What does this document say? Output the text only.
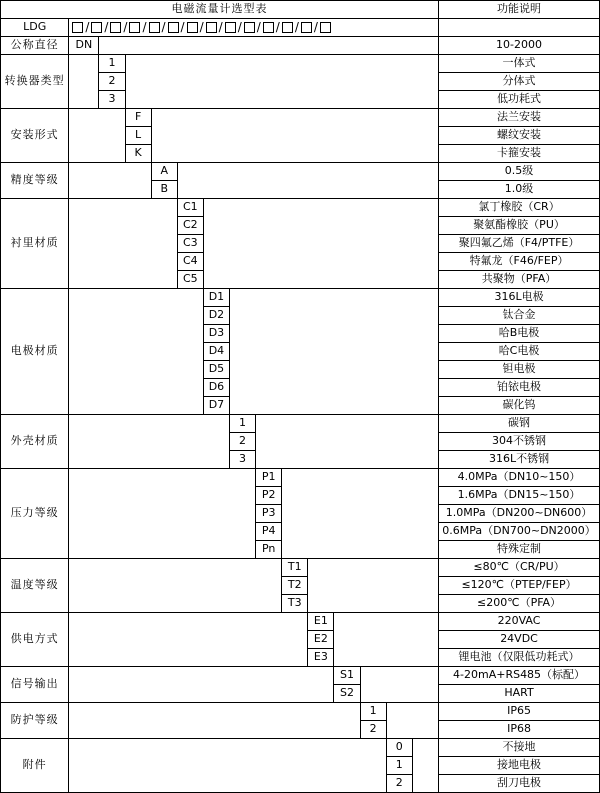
电磁流量计选型表															功能说明
LDG	/ / / / / / / / / / / / /

公称直径	DN														10-2000
转换器类型		1													一体式
		2													分体式
		3													低功耗式
安装形式			F												法兰安装
			L												螺纹安装
			K												卡箍安装
精度等级				A											0.5级
				B											1.0级
衬里材质					C1										氯丁橡胶（CR）
					C2										聚氨酯橡胶（PU）
					C3										聚四氟乙烯（F4/PTFE）
					C4										特氟龙（F46/FEP）
					C5										共聚物（PFA）
电极材质						D1									316L电极
						D2									钛合金
						D3									哈B电极
						D4									哈C电极
						D5									钽电极
						D6									铂铱电极
						D7									碳化钨
外壳材质							1								碳钢
							2								304不锈钢
							3								316L不锈钢
压力等级								P1							4.0MPa（DN10~150）
								P2							1.6MPa（DN15~150）
								P3							1.0MPa（DN200~DN600）
								P4							0.6MPa（DN700~DN2000）
								Pn							特殊定制
温度等级									T1						≤80℃（CR/PU）
									T2						≤120℃（PTEP/FEP）
									T3						≤200℃（PFA）
供电方式										E1					220VAC
										E2					24VDC
										E3					锂电池（仅限低功耗式）
信号输出											S1				4-20mA+RS485（标配）
											S2				HART
防护等级												1			IP65
												2			IP68
附件													0		不接地
													1		接地电极
													2		刮刀电极
